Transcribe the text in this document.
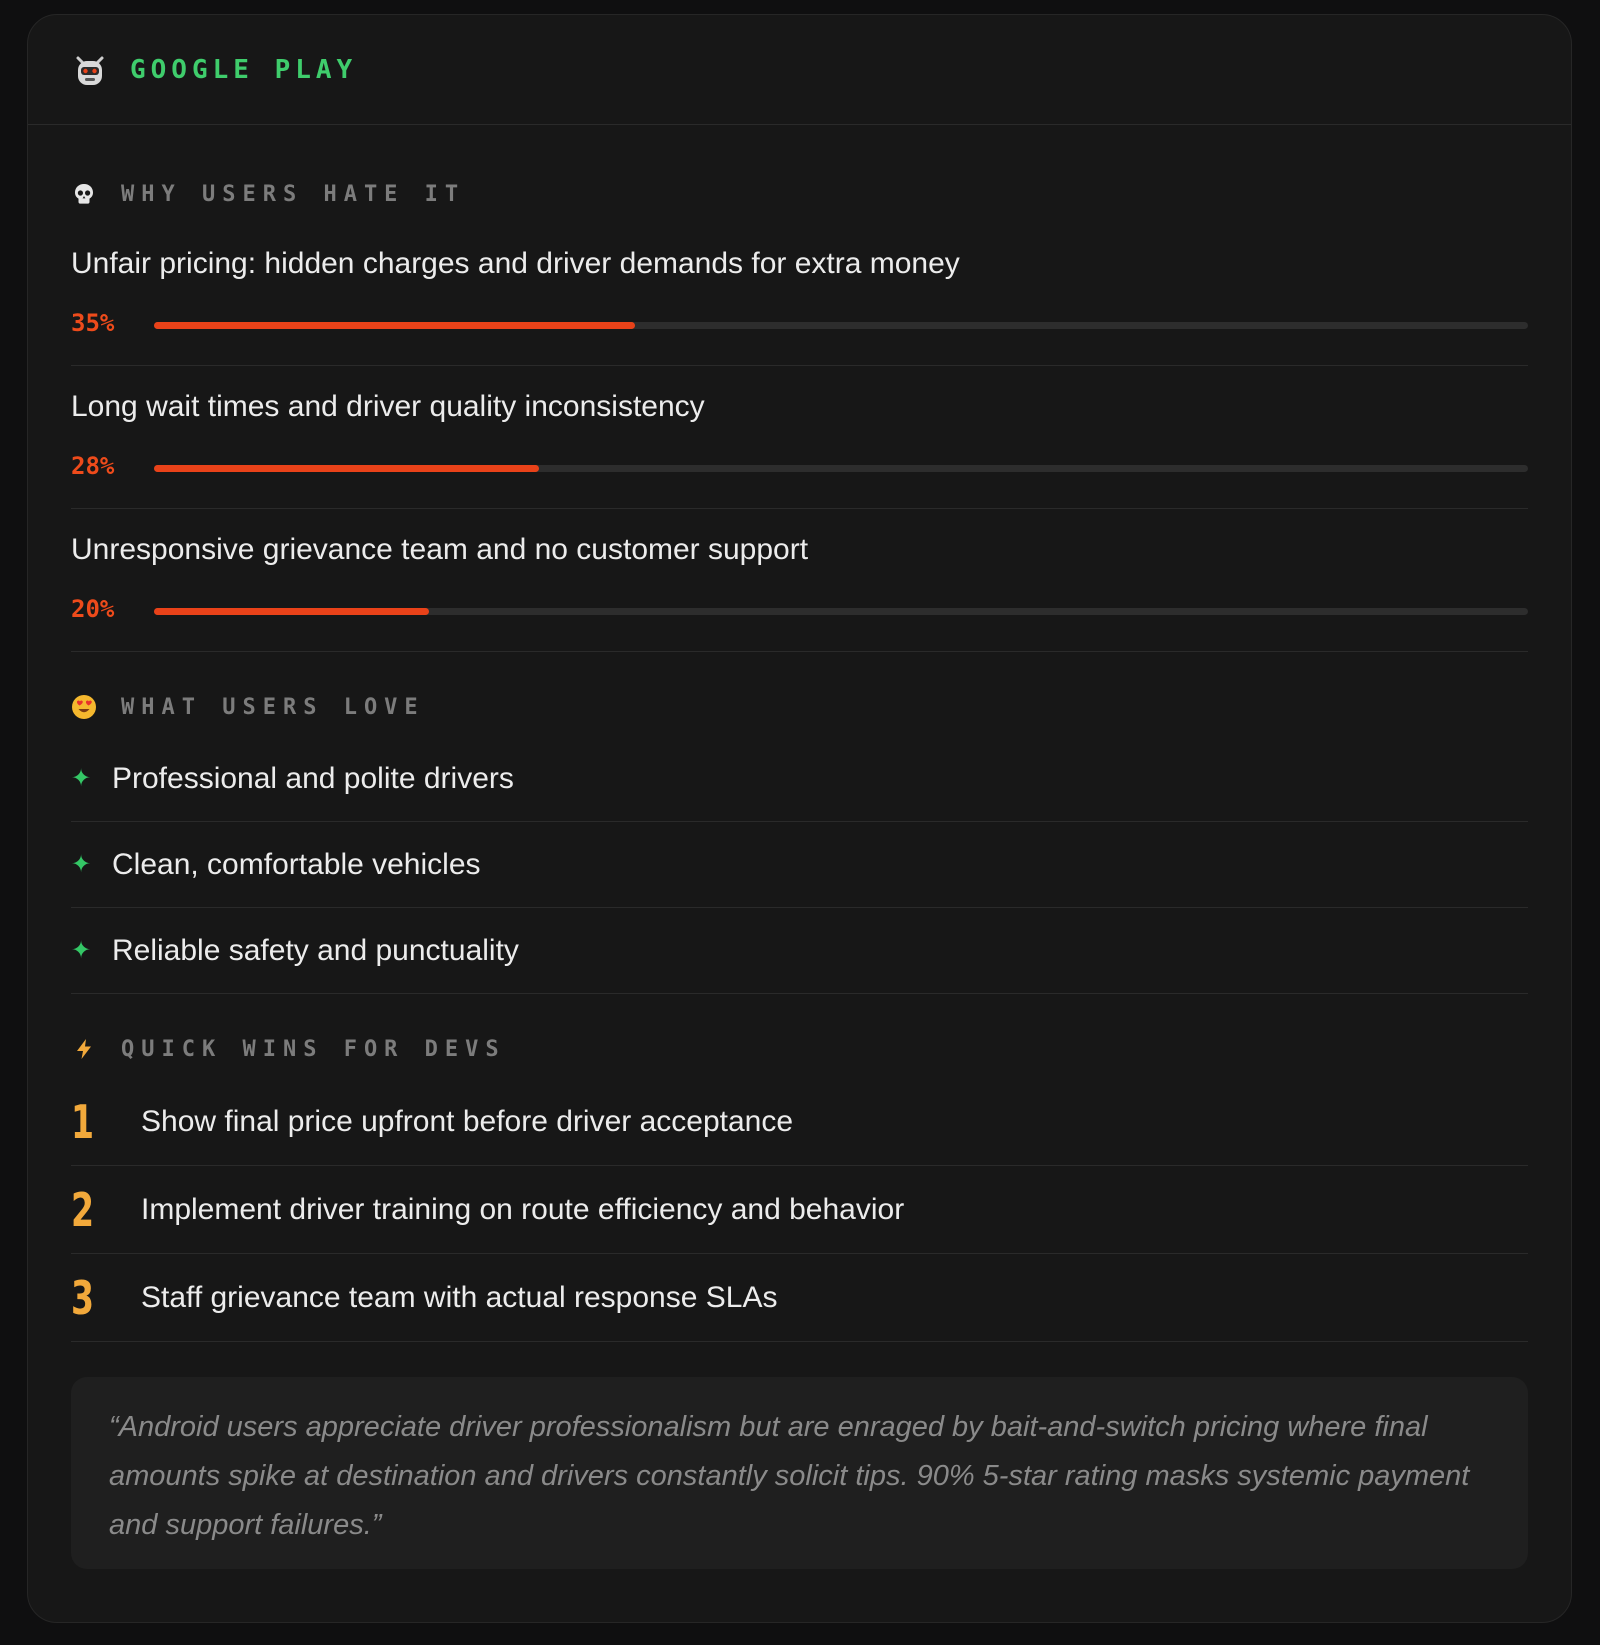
GOOGLE PLAY
WHY USERS HATE IT
Unfair pricing: hidden charges and driver demands for extra money
35%
Long wait times and driver quality inconsistency
28%
Unresponsive grievance team and no customer support
20%
WHAT USERS LOVE
✦ Professional and polite drivers
✦ Clean, comfortable vehicles
✦ Reliable safety and punctuality
QUICK WINS FOR DEVS
1	Show final price upfront before driver acceptance
2	Implement driver training on route efficiency and behavior
3	Staff grievance team with actual response SLAs
“Android users appreciate driver professionalism but are enraged by bait-and-switch pricing where final amounts spike at destination and drivers constantly solicit tips. 90% 5-star rating masks systemic payment and support failures.”
